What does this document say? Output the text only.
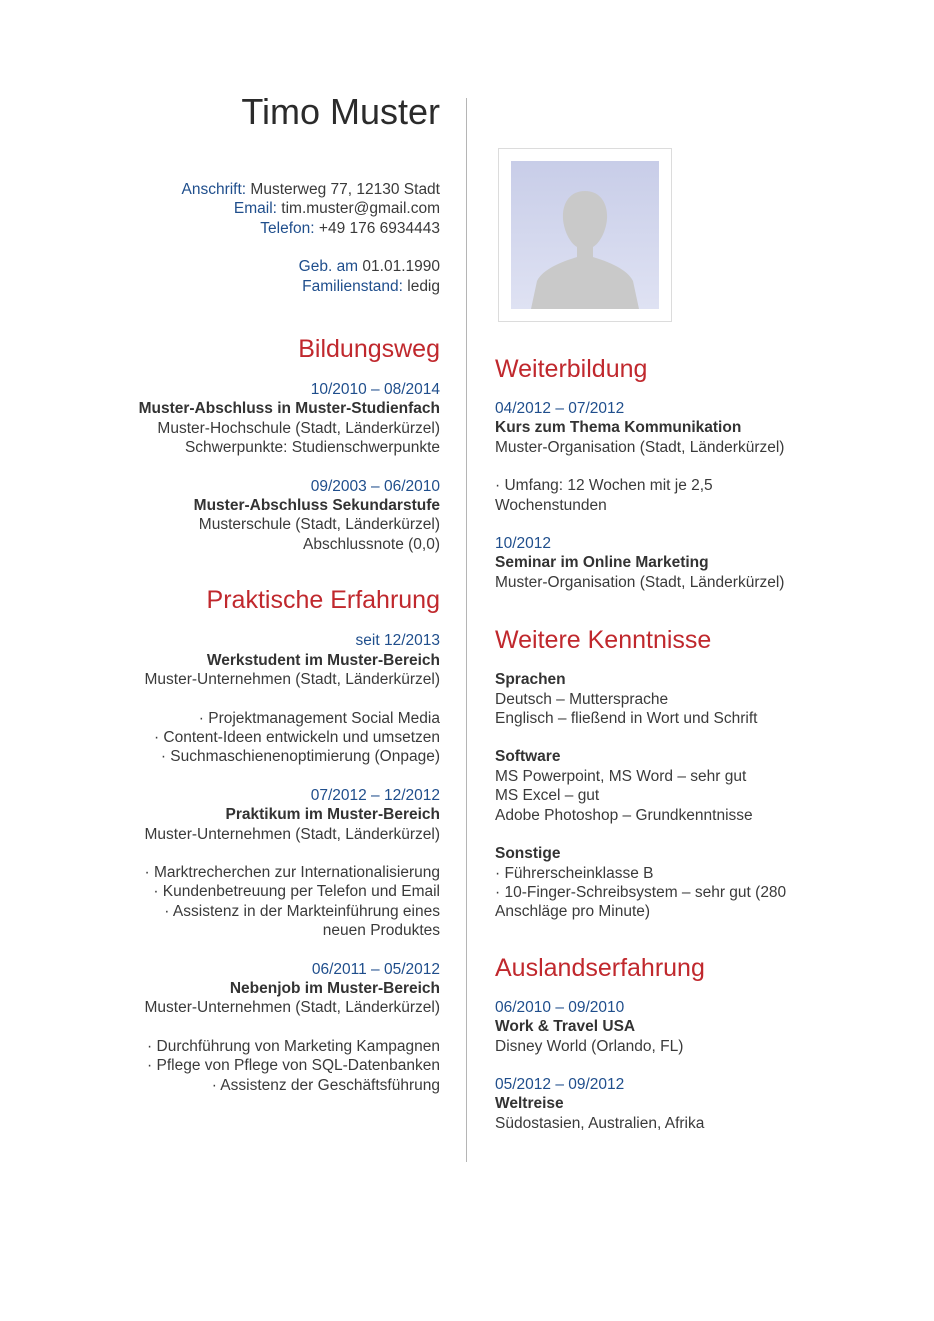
Timo Muster
Anschrift: Musterweg 77, 12130 Stadt
Email: tim.muster@gmail.com
Telefon: +49 176 6934443
Geb. am 01.01.1990
Familienstand: ledig
Bildungsweg
10/2010 – 08/2014
Muster-Abschluss in Muster-Studienfach
Muster-Hochschule (Stadt, Länderkürzel)
Schwerpunkte: Studienschwerpunkte
09/2003 – 06/2010
Muster-Abschluss Sekundarstufe
Musterschule (Stadt, Länderkürzel)
Abschlussnote (0,0)
Praktische Erfahrung
seit 12/2013
Werkstudent im Muster-Bereich
Muster-Unternehmen (Stadt, Länderkürzel)
· Projektmanagement Social Media
· Content-Ideen entwickeln und umsetzen
· Suchmaschienenoptimierung (Onpage)
07/2012 – 12/2012
Praktikum im Muster-Bereich
Muster-Unternehmen (Stadt, Länderkürzel)
· Marktrecherchen zur Internationalisierung
· Kundenbetreuung per Telefon und Email
· Assistenz in der Markteinführung eines
neuen Produktes
06/2011 – 05/2012
Nebenjob im Muster-Bereich
Muster-Unternehmen (Stadt, Länderkürzel)
· Durchführung von Marketing Kampagnen
· Pflege von Pflege von SQL-Datenbanken
· Assistenz der Geschäftsführung
Weiterbildung
04/2012 – 07/2012
Kurs zum Thema Kommunikation
Muster-Organisation (Stadt, Länderkürzel)
· Umfang: 12 Wochen mit je 2,5
Wochenstunden
10/2012
Seminar im Online Marketing
Muster-Organisation (Stadt, Länderkürzel)
Weitere Kenntnisse
Sprachen
Deutsch – Muttersprache
Englisch – fließend in Wort und Schrift
Software
MS Powerpoint, MS Word – sehr gut
MS Excel – gut
Adobe Photoshop – Grundkenntnisse
Sonstige
· Führerscheinklasse B
· 10-Finger-Schreibsystem – sehr gut (280
Anschläge pro Minute)
Auslandserfahrung
06/2010 – 09/2010
Work & Travel USA
Disney World (Orlando, FL)
05/2012 – 09/2012
Weltreise
Südostasien, Australien, Afrika
